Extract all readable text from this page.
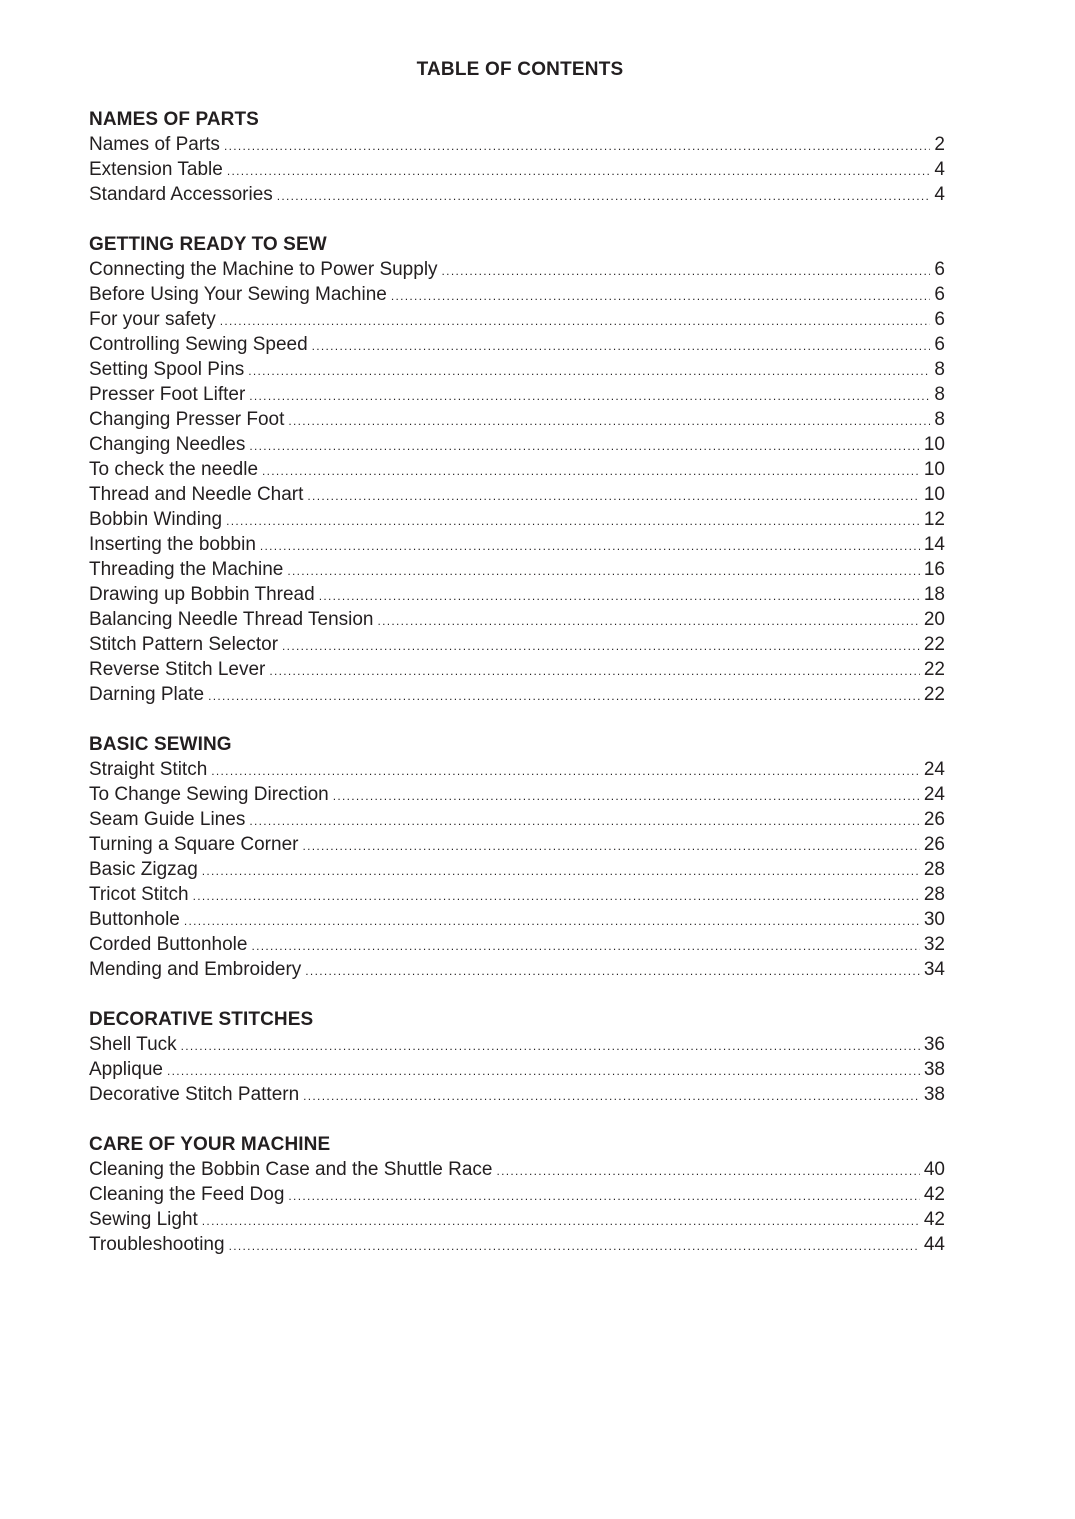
TABLE OF CONTENTS
NAMES OF PARTS
Names of Parts .....	2
Extension Table .....	4
Standard Accessories .....	4
GETTING READY TO SEW
Connecting the Machine to Power Supply .....	6
Before Using Your Sewing Machine .....	6
For your safety .....	6
Controlling Sewing Speed .....	6
Setting Spool Pins .....	8
Presser Foot Lifter .....	8
Changing Presser Foot .....	8
Changing Needles .....	10
To check the needle .....	10
Thread and Needle Chart .....	10
Bobbin Winding .....	12
Inserting the bobbin .....	14
Threading the Machine .....	16
Drawing up Bobbin Thread .....	18
Balancing Needle Thread Tension .....	20
Stitch Pattern Selector .....	22
Reverse Stitch Lever .....	22
Darning Plate .....	22
BASIC SEWING
Straight Stitch .....	24
To Change Sewing Direction .....	24
Seam Guide Lines .....	26
Turning a Square Corner .....	26
Basic Zigzag .....	28
Tricot Stitch .....	28
Buttonhole .....	30
Corded Buttonhole .....	32
Mending and Embroidery .....	34
DECORATIVE STITCHES
Shell Tuck .....	36
Applique .....	38
Decorative Stitch Pattern .....	38
CARE OF YOUR MACHINE
Cleaning the Bobbin Case and the Shuttle Race .....	40
Cleaning the Feed Dog .....	42
Sewing Light .....	42
Troubleshooting .....	44
